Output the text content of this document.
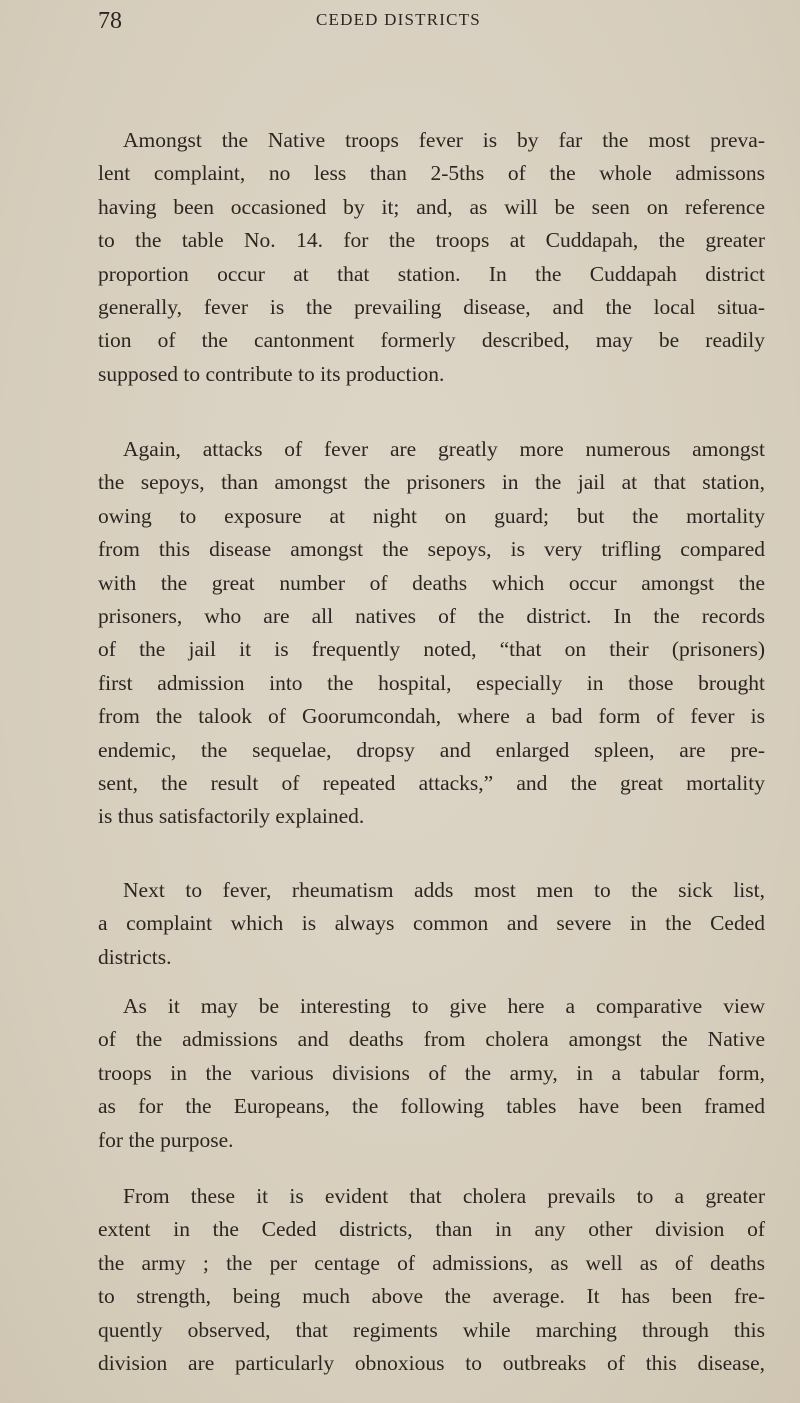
78	CEDED DISTRICTS
Amongst the Native troops fever is by far the most preva-
lent complaint, no less than 2-5ths of the whole admissons
having been occasioned by it; and, as will be seen on reference
to the table No. 14. for the troops at Cuddapah, the greater
proportion occur at that station. In the Cuddapah district
generally, fever is the prevailing disease, and the local situa-
tion of the cantonment formerly described, may be readily
supposed to contribute to its production.
Again, attacks of fever are greatly more numerous amongst
the sepoys, than amongst the prisoners in the jail at that station,
owing to exposure at night on guard; but the mortality
from this disease amongst the sepoys, is very trifling compared
with the great number of deaths which occur amongst the
prisoners, who are all natives of the district. In the records
of the jail it is frequently noted, “that on their (prisoners)
first admission into the hospital, especially in those brought
from the talook of Goorumcondah, where a bad form of fever is
endemic, the sequelae, dropsy and enlarged spleen, are pre-
sent, the result of repeated attacks,” and the great mortality
is thus satisfactorily explained.
Next to fever, rheumatism adds most men to the sick list,
a complaint which is always common and severe in the Ceded
districts.
As it may be interesting to give here a comparative view
of the admissions and deaths from cholera amongst the Native
troops in the various divisions of the army, in a tabular form,
as for the Europeans, the following tables have been framed
for the purpose.
From these it is evident that cholera prevails to a greater
extent in the Ceded districts, than in any other division of
the army ; the per centage of admissions, as well as of deaths
to strength, being much above the average. It has been fre-
quently observed, that regiments while marching through this
division are particularly obnoxious to outbreaks of this disease,
